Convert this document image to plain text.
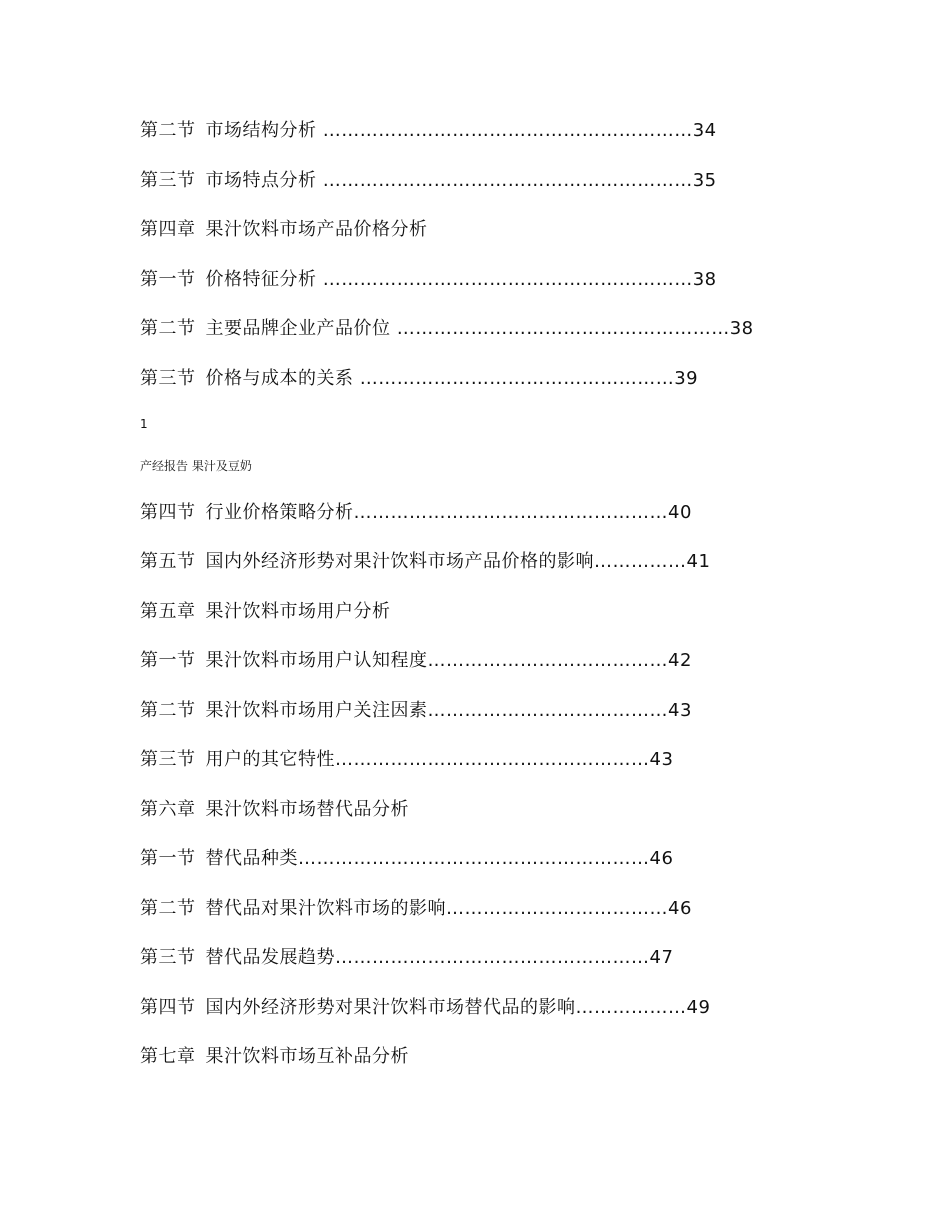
第二节 市场结构分析 ……………………………………………………34
第三节 市场特点分析 ……………………………………………………35
第四章 果汁饮料市场产品价格分析
第一节 价格特征分析 ……………………………………………………38
第二节 主要品牌企业产品价位 ………………………………………………38
第三节 价格与成本的关系 ……………………………………………39
1
产经报告 果汁及豆奶
第四节 行业价格策略分析……………………………………………40
第五节 国内外经济形势对果汁饮料市场产品价格的影响……………41
第五章 果汁饮料市场用户分析
第一节 果汁饮料市场用户认知程度…………………………………42
第二节 果汁饮料市场用户关注因素…………………………………43
第三节 用户的其它特性……………………………………………43
第六章 果汁饮料市场替代品分析
第一节 替代品种类…………………………………………………46
第二节 替代品对果汁饮料市场的影响………………………………46
第三节 替代品发展趋势……………………………………………47
第四节 国内外经济形势对果汁饮料市场替代品的影响………………49
第七章 果汁饮料市场互补品分析
